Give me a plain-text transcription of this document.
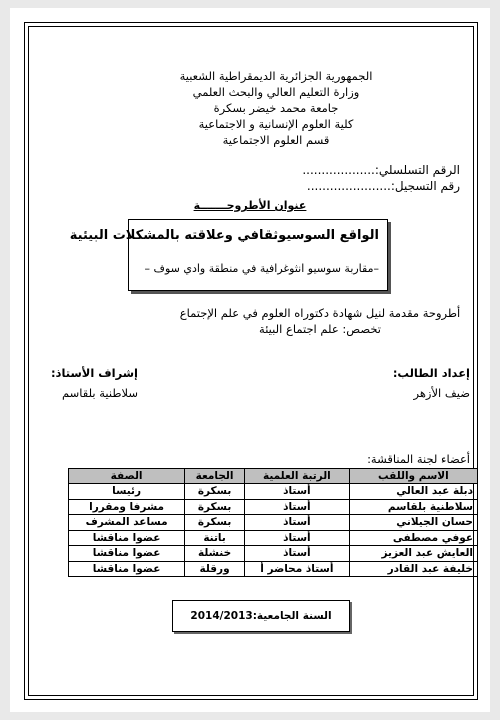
الجمهورية الجزائرية الديمقراطية الشعبية
وزارة التعليم العالي والبحث العلمي
جامعة محمد خيضر بسكرة
كلية العلوم الإنسانية و الاجتماعية
قسم العلوم الاجتماعية
الرقم التسلسلي:...................
رقم التسجيل:......................
عنوان الأطروحـــــــة
الواقع السوسيوثقافي وعلاقته بالمشكلات البيئية
–مقاربة سوسيو انثوغرافية في منطقة وادي سوف –
أطروحة مقدمة لنيل شهادة دكتوراه العلوم في علم الإجتماع
تخصص: علم اجتماع البيئة
إعداد الطالب:
ضيف الأزهر
إشراف الأستاذ:
سلاطنية بلقاسم
أعضاء لجنة المناقشة:
الاسم واللقب	الرتبة العلمية	الجامعة	الصفة
دبلة عبد العالي	أستاذ	بسكرة	رئيسا
سلاطنية بلقاسم	أستاذ	بسكرة	مشرفا ومقررا
حسان الجيلاني	أستاذ	بسكرة	مساعد المشرف
عوفي مصطفى	أستاذ	باتنة	عضوا مناقشا
العايش عبد العزيز	أستاذ	خنشلة	عضوا مناقشا
خليفة عبد القادر	أستاذ محاضر أ	ورقلة	عضوا مناقشا
السنة الجامعية:2014/2013
